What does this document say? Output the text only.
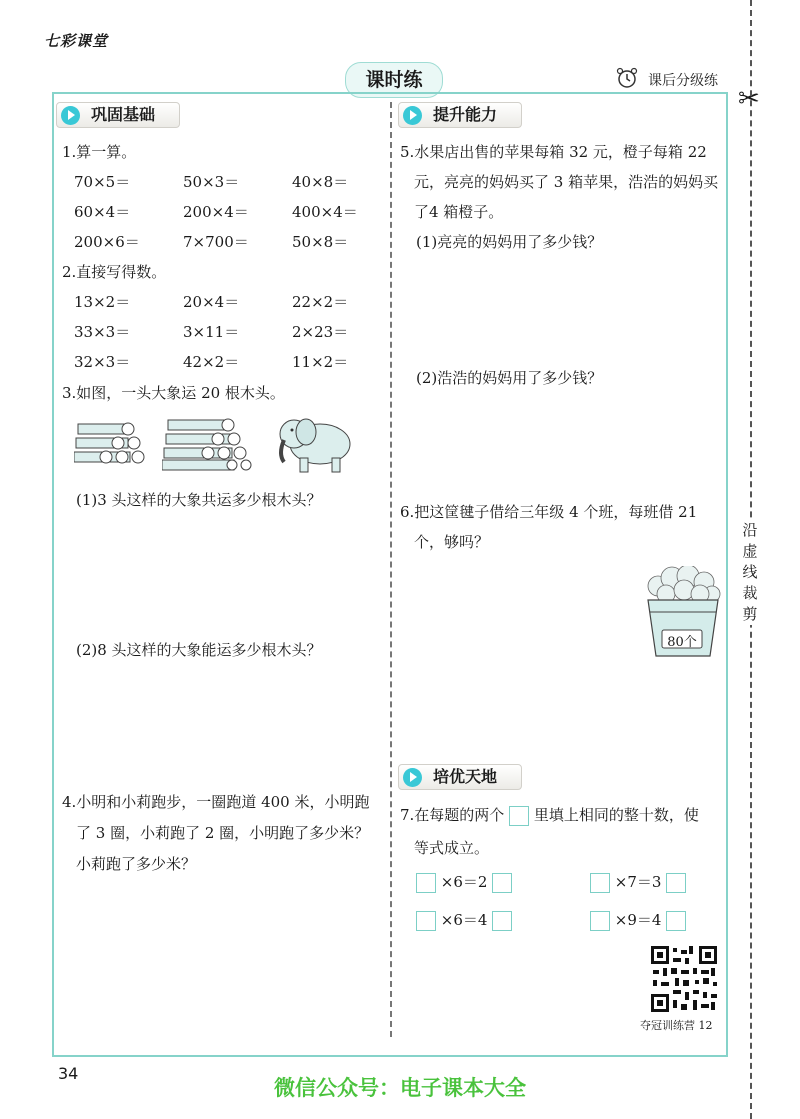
七彩课堂
课时练	课后分级练
✂
沿虚线裁剪
巩固基础
1.算一算。
70×5＝	50×3＝	40×8＝
60×4＝	200×4＝	400×4＝
200×6＝	7×700＝	50×8＝
2.直接写得数。
13×2＝	20×4＝	22×2＝
33×3＝	3×11＝	2×23＝
32×3＝	42×2＝	11×2＝
3.如图，一头大象运 20 根木头。
(1)3 头这样的大象共运多少根木头？
(2)8 头这样的大象能运多少根木头？
4.小明和小莉跑步，一圈跑道 400 米，小明跑
了 3 圈，小莉跑了 2 圈，小明跑了多少米？
小莉跑了多少米？
提升能力
5.水果店出售的苹果每箱 32 元，橙子每箱 22
元，亮亮的妈妈买了 3 箱苹果，浩浩的妈妈买
了4 箱橙子。
(1)亮亮的妈妈用了多少钱？
(2)浩浩的妈妈用了多少钱？
6.把这筐毽子借给三年级 4 个班，每班借 21
个，够吗？
80个
培优天地
7.在每题的两个 里填上相同的整十数，使
等式成立。
×6＝2	×7＝3
×6＝4	×9＝4
夺冠训练营 12
34
微信公众号：电子课本大全
